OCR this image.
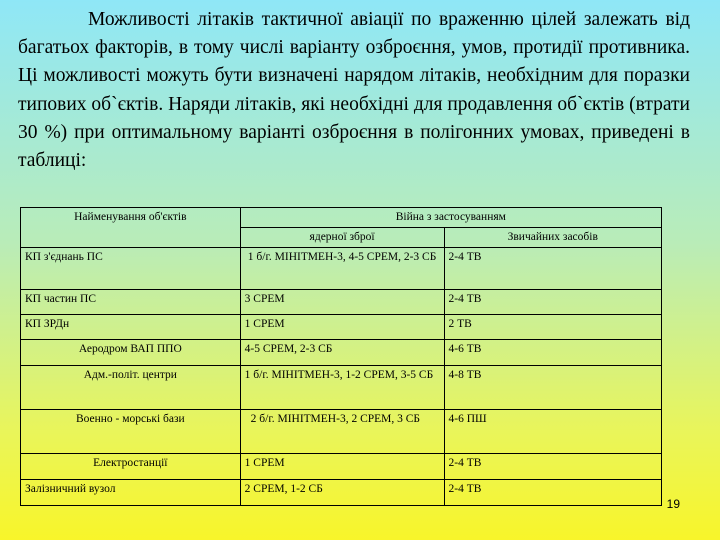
Можливості літаків тактичної авіації по враженню цілей залежать від багатьох факторів, в тому числі варіанту озброєння, умов, протидії противника. Ці можливості можуть бути визначені нарядом літаків, необхідним для поразки типових об`єктів. Наряди літаків, які необхідні для продавлення об`єктів (втрати 30 %) при оптимальному варіанті озброєння в полігонних умовах, приведені в таблиці:

Найменування об'єктів	Війна з застосуванням	
	ядерної зброї	Звичайних засобів
КП з'єднань ПС	1 б/г. МІНІТМЕН-3, 4-5 СРЕМ, 2-3 СБ	2-4 ТВ
КП частин ПС	3 СРЕМ	2-4 ТВ
КП ЗРДн	1 СРЕМ	2 ТВ
Аеродром ВАП ППО	4-5 СРЕМ, 2-3 СБ	4-6 ТВ
Адм.-політ. центри	1 б/г. МІНІТМЕН-3, 1-2 СРЕМ, 3-5 СБ	4-8 ТВ
Военно - морські бази	2 б/г. МІНІТМЕН-3, 2 СРЕМ, 3 СБ	4-6 ПШ
Електростанції	1 СРЕМ	2-4 ТВ
Залізничний вузол	2 СРЕМ, 1-2 СБ	2-4 ТВ
19
